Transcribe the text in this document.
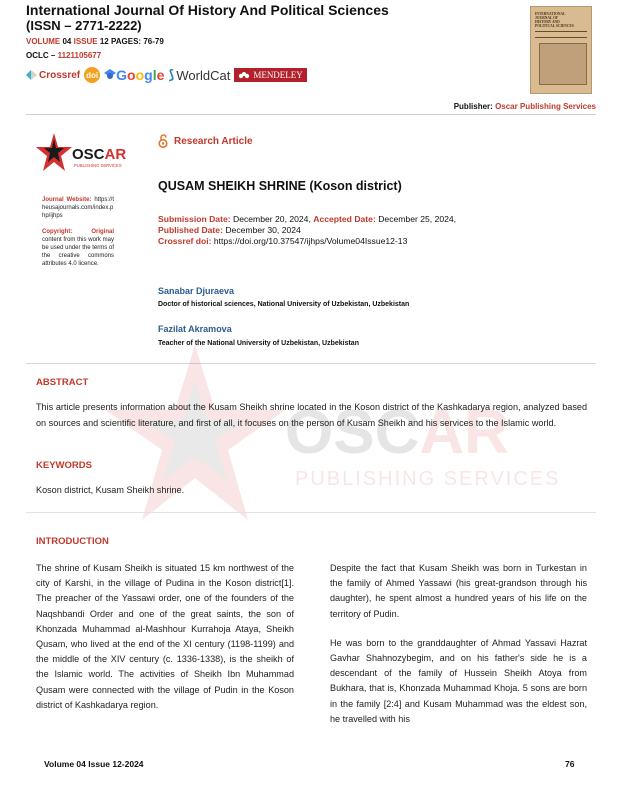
International Journal Of History And Political Sciences
(ISSN – 2771-2222)
VOLUME 04 ISSUE 12 PAGES: 76-79
OCLC – 1121105677
Crossref doi	Google ⟆ WorldCat	MENDELEY
INTERNATIONAL
JOURNAL OF
HISTORY AND
POLITICAL SCIENCES
Publisher: Oscar Publishing Services
OSCAR
PUBLISHING SERVICES

Journal Website: https://theusajournals.com/index.php/ijhps

Copyright: Original content from this work may be used under the terms of the creative commons attributes 4.0 licence.

Research Article
QUSAM SHEIKH SHRINE (Koson district)
Submission Date: December 20, 2024, Accepted Date: December 25, 2024,
Published Date: December 30, 2024
Crossref doi: https://doi.org/10.37547/ijhps/Volume04Issue12-13
Sanabar Djuraeva
Doctor of historical sciences, National University of Uzbekistan, Uzbekistan
Fazilat Akramova
Teacher of the National University of Uzbekistan, Uzbekistan
OSCAR
PUBLISHING SERVICES
ABSTRACT
This article presents information about the Kusam Sheikh shrine located in the Koson district of the Kashkadarya region, analyzed based on sources and scientific literature, and first of all, it focuses on the person of Kusam Sheikh and his services to the Islamic world.
KEYWORDS
Koson district, Kusam Sheikh shrine.
INTRODUCTION

The shrine of Kusam Sheikh is situated 15 km northwest of the city of Karshi, in the village of Pudina in the Koson district[1]. The preacher of the Yassawi order, one of the founders of the Naqshbandi Order and one of the great saints, the son of Khonzada Muhammad al-Mashhour Kurrahoja Ataya, Sheikh Qusam, who lived at the end of the XI century (1198-1199) and the middle of the XIV century (c. 1336-1338), is the sheikh of the Islamic world. The activities of Sheikh Ibn Muhammad Qusam were connected with the village of Pudin in the Koson district of Kashkadarya region.

Despite the fact that Kusam Sheikh was born in Turkestan in the family of Ahmed Yassawi (his great-grandson through his daughter), he spent almost a hundred years of his life on the territory of Pudin.

He was born to the granddaughter of Ahmad Yassavi Hazrat Gavhar Shahnozybegim, and on his father's side he is a descendant of the family of Hussein Sheikh Atoya from Bukhara, that is, Khonzada Muhammad Khoja. 5 sons are born in the family [2:4] and Kusam Muhammad was the eldest son, he travelled with his

Volume 04 Issue 12-2024	76
